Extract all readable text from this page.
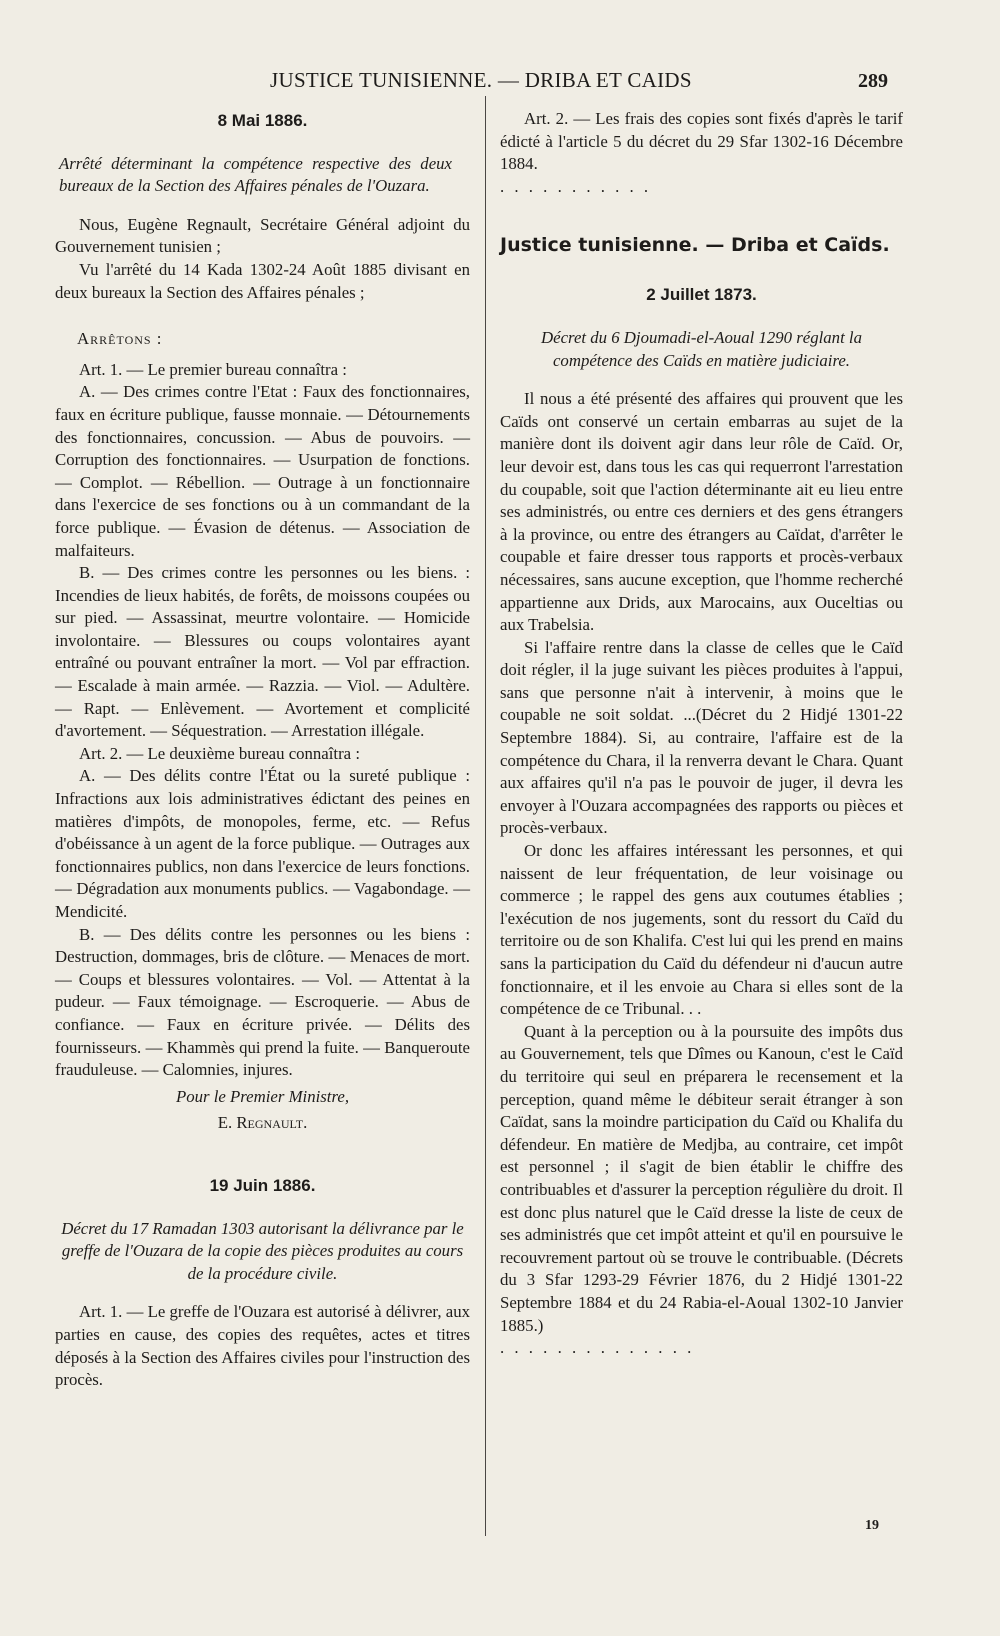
JUSTICE TUNISIENNE. — DRIBA ET CAIDS	289

8 Mai 1886.

Arrêté déterminant la compétence respective des deux bureaux de la Section des Affaires pénales de l'Ouzara.

Nous, Eugène Regnault, Secrétaire Général adjoint du Gouvernement tunisien ;

Vu l'arrêté du 14 Kada 1302-24 Août 1885 divisant en deux bureaux la Section des Affaires pénales ;

Arrêtons :

Art. 1. — Le premier bureau connaîtra :

A. — Des crimes contre l'Etat : Faux des fonctionnaires, faux en écriture publique, fausse monnaie. — Détournements des fonctionnaires, concussion. — Abus de pouvoirs. — Corruption des fonctionnaires. — Usurpation de fonctions. — Complot. — Rébellion. — Outrage à un fonctionnaire dans l'exercice de ses fonctions ou à un commandant de la force publique. — Évasion de détenus. — Association de malfaiteurs.

B. — Des crimes contre les personnes ou les biens. : Incendies de lieux habités, de forêts, de moissons coupées ou sur pied. — Assassinat, meurtre volontaire. — Homicide involontaire. — Blessures ou coups volontaires ayant entraîné ou pouvant entraîner la mort. — Vol par effraction. — Escalade à main armée. — Razzia. — Viol. — Adultère. — Rapt. — Enlèvement. — Avortement et complicité d'avortement. — Séquestration. — Arrestation illégale.

Art. 2. — Le deuxième bureau connaîtra :

A. — Des délits contre l'État ou la sureté publique : Infractions aux lois administratives édictant des peines en matières d'impôts, de monopoles, ferme, etc. — Refus d'obéissance à un agent de la force publique. — Outrages aux fonctionnaires publics, non dans l'exercice de leurs fonctions. — Dégradation aux monuments publics. — Vagabondage. — Mendicité.

B. — Des délits contre les personnes ou les biens : Destruction, dommages, bris de clôture. — Menaces de mort. — Coups et blessures volontaires. — Vol. — Attentat à la pudeur. — Faux témoignage. — Escroquerie. — Abus de confiance. — Faux en écriture privée. — Délits des fournisseurs. — Khammès qui prend la fuite. — Banqueroute frauduleuse. — Calomnies, injures.

Pour le Premier Ministre,

E. Regnault.

19 Juin 1886.

Décret du 17 Ramadan 1303 autorisant la délivrance par le greffe de l'Ouzara de la copie des pièces produites au cours de la procédure civile.

Art. 1. — Le greffe de l'Ouzara est autorisé à délivrer, aux parties en cause, des copies des requêtes, actes et titres déposés à la Section des Affaires civiles pour l'instruction des procès.

Art. 2. — Les frais des copies sont fixés d'après le tarif édicté à l'article 5 du décret du 29 Sfar 1302-16 Décembre 1884.

. . . . . . . . . . .

Justice tunisienne. — Driba et Caïds.

2 Juillet 1873.

Décret du 6 Djoumadi-el-Aoual 1290 réglant la compétence des Caïds en matière judiciaire.

Il nous a été présenté des affaires qui prouvent que les Caïds ont conservé un certain embarras au sujet de la manière dont ils doivent agir dans leur rôle de Caïd. Or, leur devoir est, dans tous les cas qui requerront l'arrestation du coupable, soit que l'action déterminante ait eu lieu entre ses administrés, ou entre ces derniers et des gens étrangers à la province, ou entre des étrangers au Caïdat, d'arrêter le coupable et faire dresser tous rapports et procès-verbaux nécessaires, sans aucune exception, que l'homme recherché appartienne aux Drids, aux Marocains, aux Ouceltias ou aux Trabelsia.

Si l'affaire rentre dans la classe de celles que le Caïd doit régler, il la juge suivant les pièces produites à l'appui, sans que personne n'ait à intervenir, à moins que le coupable ne soit soldat. ...(Décret du 2 Hidjé 1301-22 Septembre 1884). Si, au contraire, l'affaire est de la compétence du Chara, il la renverra devant le Chara. Quant aux affaires qu'il n'a pas le pouvoir de juger, il devra les envoyer à l'Ouzara accompagnées des rapports ou pièces et procès-verbaux.

Or donc les affaires intéressant les personnes, et qui naissent de leur fréquentation, de leur voisinage ou commerce ; le rappel des gens aux coutumes établies ; l'exécution de nos jugements, sont du ressort du Caïd du territoire ou de son Khalifa. C'est lui qui les prend en mains sans la participation du Caïd du défendeur ni d'aucun autre fonctionnaire, et il les envoie au Chara si elles sont de la compétence de ce Tribunal. . .

Quant à la perception ou à la poursuite des impôts dus au Gouvernement, tels que Dîmes ou Kanoun, c'est le Caïd du territoire qui seul en préparera le recensement et la perception, quand même le débiteur serait étranger à son Caïdat, sans la moindre participation du Caïd ou Khalifa du défendeur. En matière de Medjba, au contraire, cet impôt est personnel ; il s'agit de bien établir le chiffre des contribuables et d'assurer la perception régulière du droit. Il est donc plus naturel que le Caïd dresse la liste de ceux de ses administrés que cet impôt atteint et qu'il en poursuive le recouvrement partout où se trouve le contribuable. (Décrets du 3 Sfar 1293-29 Février 1876, du 2 Hidjé 1301-22 Septembre 1884 et du 24 Rabia-el-Aoual 1302-10 Janvier 1885.)

. . . . . . . . . . . . . .

19
